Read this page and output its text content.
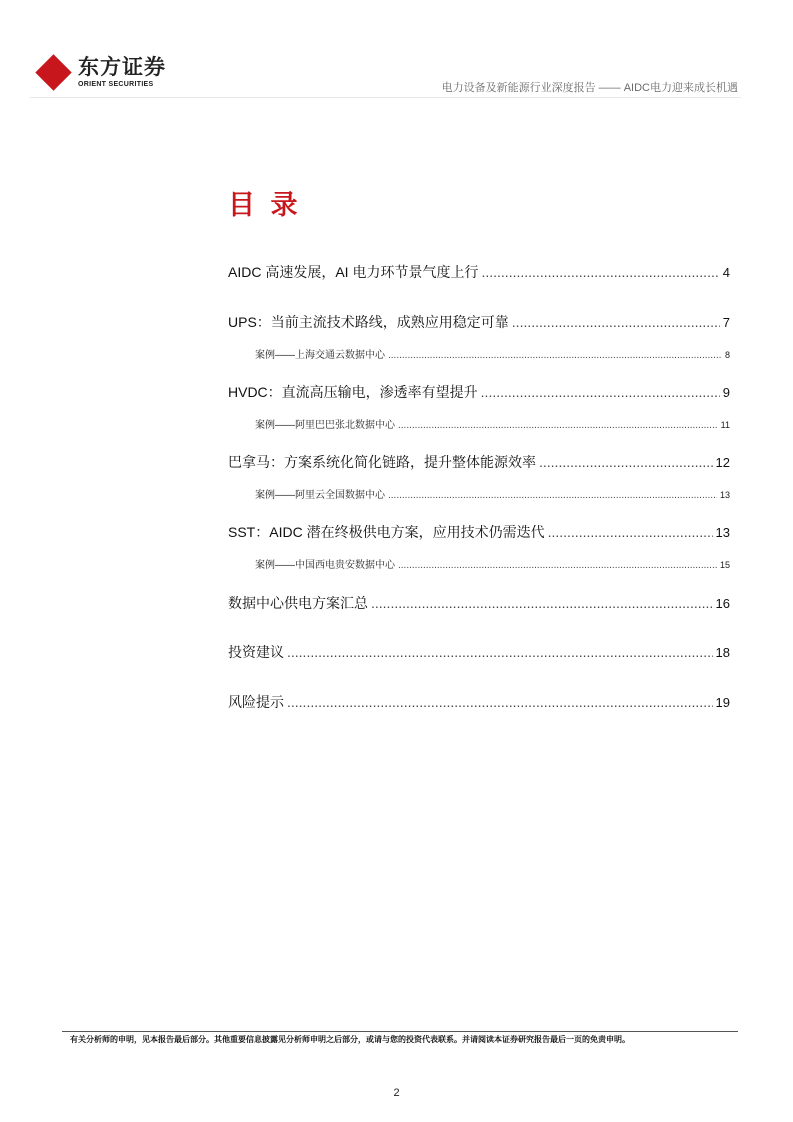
东方证券
ORIENT SECURITIES	电力设备及新能源行业深度报告 —— AIDC电力迎来成长机遇
目 录
AIDC 高速发展，AI 电力环节景气度上行 .....	4
UPS：当前主流技术路线，成熟应用稳定可靠 .....	7
案例——上海交通云数据中心 .....	8
HVDC：直流高压输电，渗透率有望提升 .....	9
案例——阿里巴巴张北数据中心 .....	11
巴拿马：方案系统化简化链路，提升整体能源效率 .....	12
案例——阿里云全国数据中心 .....	13
SST：AIDC 潜在终极供电方案，应用技术仍需迭代 .....	13
案例——中国西电贵安数据中心 .....	15
数据中心供电方案汇总 .....	16
投资建议 .....	18
风险提示 .....	19
有关分析师的申明，见本报告最后部分。其他重要信息披露见分析师申明之后部分，或请与您的投资代表联系。并请阅读本证券研究报告最后一页的免责申明。
2
